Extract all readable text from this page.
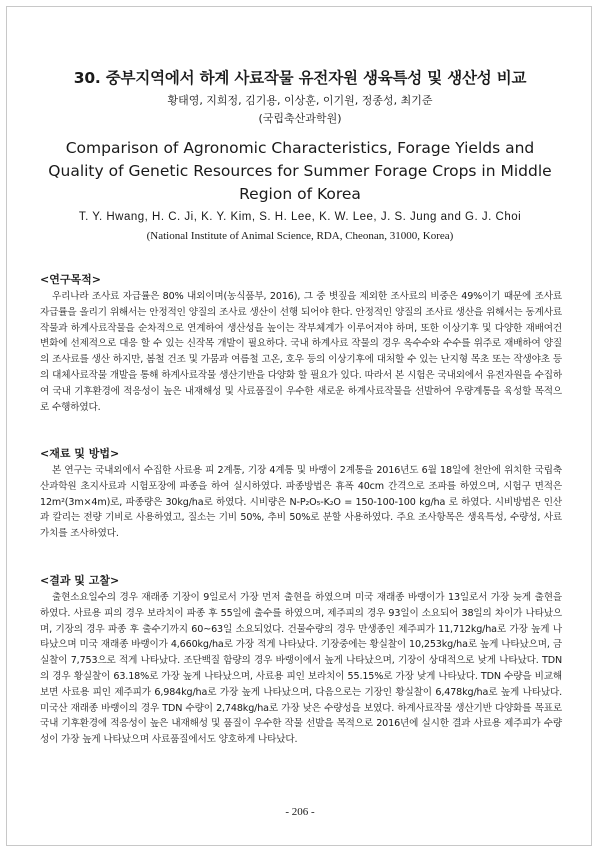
30. 중부지역에서 하계 사료작물 유전자원 생육특성 및 생산성 비교
황태영, 지희정, 김기용, 이상훈, 이기원, 정종성, 최기준
(국립축산과학원)
Comparison of Agronomic Characteristics, Forage Yields and Quality of Genetic Resources for Summer Forage Crops in Middle Region of Korea
T. Y. Hwang, H. C. Ji, K. Y. Kim, S. H. Lee, K. W. Lee, J. S. Jung and G. J. Choi
(National Institute of Animal Science, RDA, Cheonan, 31000, Korea)
<연구목적>

우리나라 조사료 자급률은 80% 내외이며(농식품부, 2016), 그 중 볏짚을 제외한 조사료의 비중은 49%이기 때문에 조사료 자급률을 올리기 위해서는 안정적인 양질의 조사료 생산이 선행 되어야 한다. 안정적인 양질의 조사료 생산을 위해서는 동계사료작물과 하계사료작물을 순차적으로 연계하여 생산성을 높이는 작부체계가 이루어져야 하며, 또한 이상기후 및 다양한 재배여건 변화에 선제적으로 대응 할 수 있는 신작목 개발이 필요하다. 국내 하계사료 작물의 경우 옥수수와 수수를 위주로 재배하여 양질의 조사료를 생산 하지만, 봄철 건조 및 가뭄과 여름철 고온, 호우 등의 이상기후에 대처할 수 있는 난지형 목초 또는 작생야초 등의 대체사료작물 개발을 통해 하계사료작물 생산기반을 다양화 할 필요가 있다. 따라서 본 시험은 국내외에서 유전자원을 수집하여 국내 기후환경에 적응성이 높은 내재해성 및 사료품질이 우수한 새로운 하계사료작물을 선발하여 우량계통을 육성할 목적으로 수행하였다.

<재료 및 방법>

본 연구는 국내외에서 수집한 사료용 피 2계통, 기장 4계통 및 바랭이 2계통을 2016년도 6월 18일에 천안에 위치한 국립축산과학원 초지사료과 시험포장에 파종을 하여 실시하였다. 파종방법은 휴폭 40cm 간격으로 조파를 하였으며, 시험구 면적은 12m²(3m×4m)로, 파종량은 30kg/ha로 하였다. 시비량은 N-P₂O₅-K₂O = 150-100-100 kg/ha 로 하였다. 시비방법은 인산과 칼리는 전량 기비로 사용하였고, 질소는 기비 50%, 추비 50%로 분할 사용하였다. 주요 조사항목은 생육특성, 수량성, 사료가치를 조사하였다.

<결과 및 고찰>

출현소요일수의 경우 재래종 기장이 9일로서 가장 먼저 출현을 하였으며 미국 재래종 바랭이가 13일로서 가장 늦게 출현을 하였다. 사료용 피의 경우 보라치이 파종 후 55일에 출수를 하였으며, 제주피의 경우 93일이 소요되어 38일의 차이가 나타났으며, 기장의 경우 파종 후 출수기까지 60~63일 소요되었다. 건물수량의 경우 만생종인 제주피가 11,712kg/ha로 가장 높게 나타났으며 미국 재래종 바랭이가 4,660kg/ha로 가장 적게 나타났다. 기장중에는 황실찰이 10,253kg/ha로 높게 나타났으며, 금실찰이 7,753으로 적게 나타났다. 조단백질 함량의 경우 바랭이에서 높게 나타났으며, 기장이 상대적으로 낮게 나타났다. TDN의 경우 황실찰이 63.18%로 가장 높게 나타났으며, 사료용 피인 보라치이 55.15%로 가장 낮게 나타났다. TDN 수량을 비교해 보면 사료용 피인 제주피가 6,984kg/ha로 가장 높게 나타났으며, 다음으로는 기장인 황실찰이 6,478kg/ha로 높게 나타났다. 미국산 재래종 바랭이의 경우 TDN 수량이 2,748kg/ha로 가장 낮은 수량성을 보였다. 하계사료작물 생산기반 다양화를 목표로 국내 기후환경에 적응성이 높은 내재해성 및 품질이 우수한 작물 선발을 목적으로 2016년에 실시한 결과 사료용 제주피가 수량성이 가장 높게 나타났으며 사료품질에서도 양호하게 나타났다.

- 206 -
